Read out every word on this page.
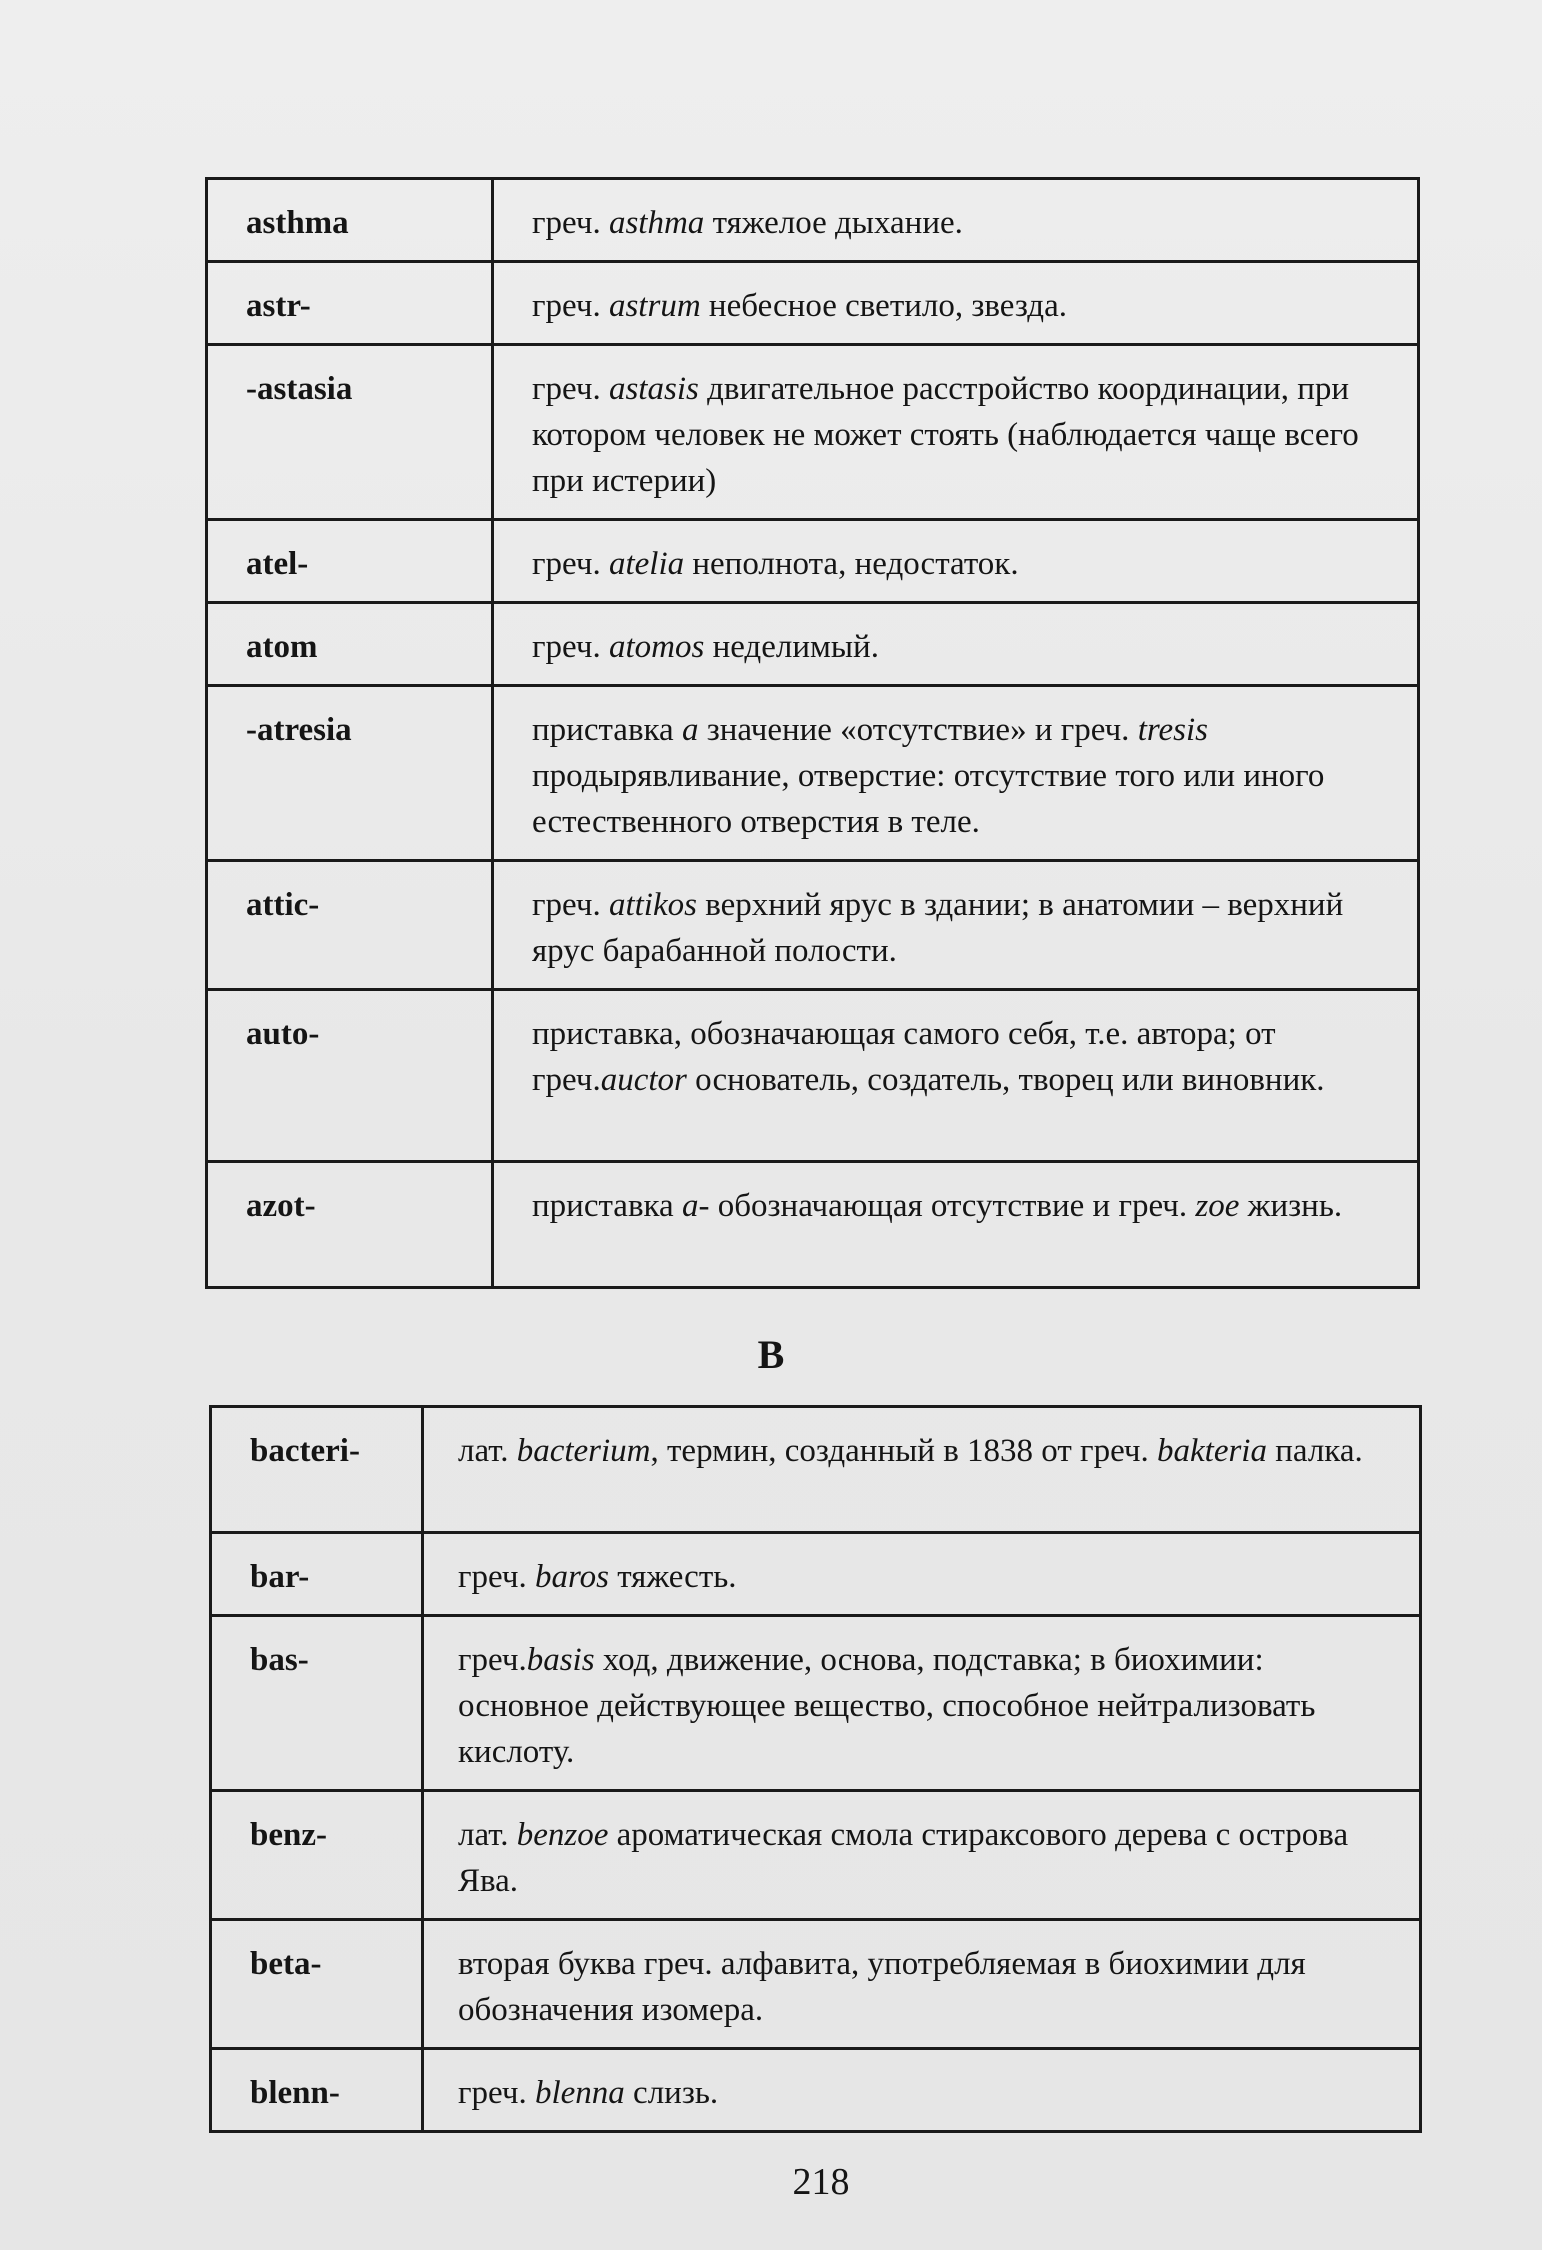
asthma	греч. asthma тяжелое дыхание.
astr-	греч. astrum небесное светило, звезда.
-astasia	греч. astasis двигательное расстройство координации, при котором человек не может стоять (наблюдается чаще всего при истерии)
atel-	греч. atelia неполнота, недостаток.
atom	греч. atomos неделимый.
-atresia	приставка a значение «отсутствие» и греч. tresis продырявливание, отверстие: отсутствие того или иного естественного отверстия в теле.
attic-	греч. attikos верхний ярус в здании; в анатомии – верхний ярус барабанной полости.
auto-	приставка, обозначающая самого себя, т.е. автора; от греч.auctor основатель, создатель, творец или виновник.
azot-	приставка a- обозначающая отсутствие и греч. zoe жизнь.
B
bacteri-	лат. bacterium, термин, созданный в 1838 от греч. bakteria палка.
bar-	греч. baros тяжесть.
bas-	греч.basis ход, движение, основа, подставка; в биохимии: основное действующее вещество, способное нейтрализовать кислоту.
benz-	лат. benzoe ароматическая смола стираксового дерева с острова Ява.
beta-	вторая буква греч. алфавита, употребляемая в биохимии для обозначения изомера.
blenn-	греч. blenna слизь.
218
